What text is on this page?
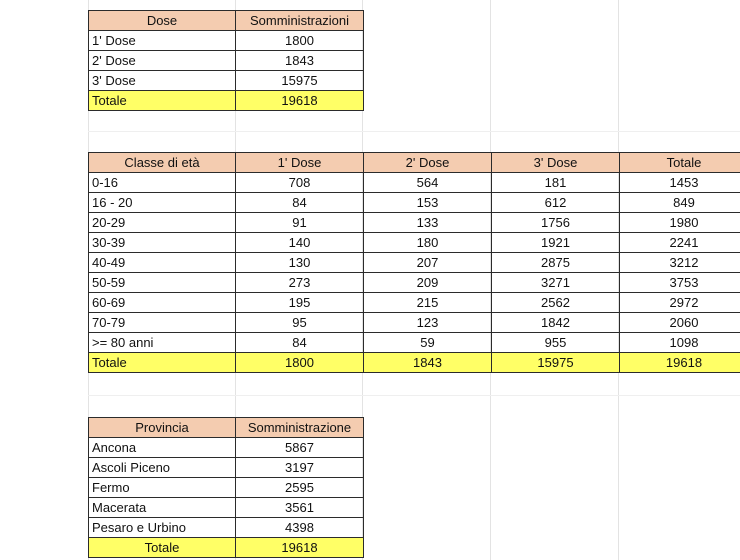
Dose	Somministrazioni
1' Dose	1800
2' Dose	1843
3' Dose	15975
Totale	19618
Classe di età	1' Dose	2' Dose	3' Dose	Totale
0-16	708	564	181	1453
16 - 20	84	153	612	849
20-29	91	133	1756	1980
30-39	140	180	1921	2241
40-49	130	207	2875	3212
50-59	273	209	3271	3753
60-69	195	215	2562	2972
70-79	95	123	1842	2060
>= 80 anni	84	59	955	1098
Totale	1800	1843	15975	19618
Provincia	Somministrazione
Ancona	5867
Ascoli Piceno	3197
Fermo	2595
Macerata	3561
Pesaro e Urbino	4398
Totale	19618
